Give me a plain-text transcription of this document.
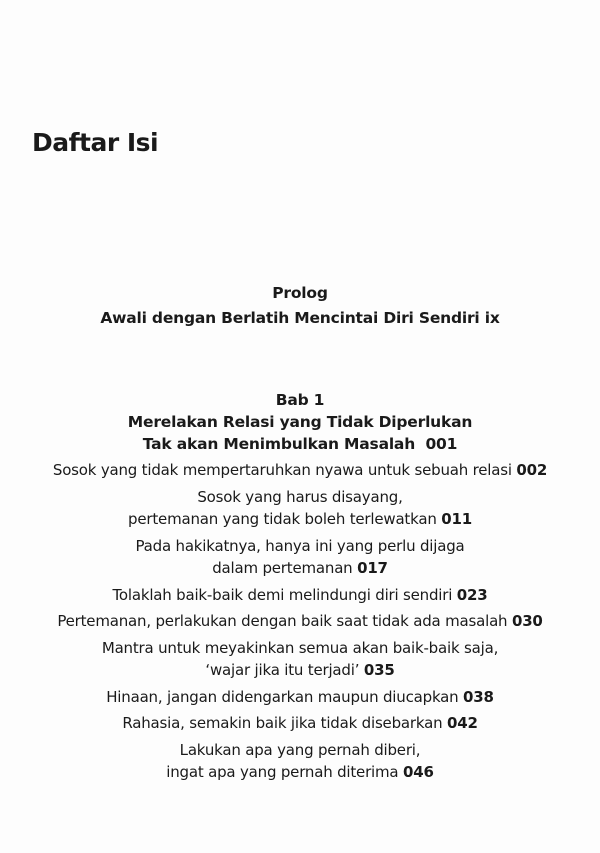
Daftar Isi
Prolog
Awali dengan Berlatih Mencintai Diri Sendiri ix
Bab 1
Merelakan Relasi yang Tidak Diperlukan
Tak akan Menimbulkan Masalah 001
Sosok yang tidak mempertaruhkan nyawa untuk sebuah relasi 002
Sosok yang harus disayang,
pertemanan yang tidak boleh terlewatkan 011
Pada hakikatnya, hanya ini yang perlu dijaga
dalam pertemanan 017
Tolaklah baik-baik demi melindungi diri sendiri 023
Pertemanan, perlakukan dengan baik saat tidak ada masalah 030
Mantra untuk meyakinkan semua akan baik-baik saja,
‘wajar jika itu terjadi’ 035
Hinaan, jangan didengarkan maupun diucapkan 038
Rahasia, semakin baik jika tidak disebarkan 042
Lakukan apa yang pernah diberi,
ingat apa yang pernah diterima 046
